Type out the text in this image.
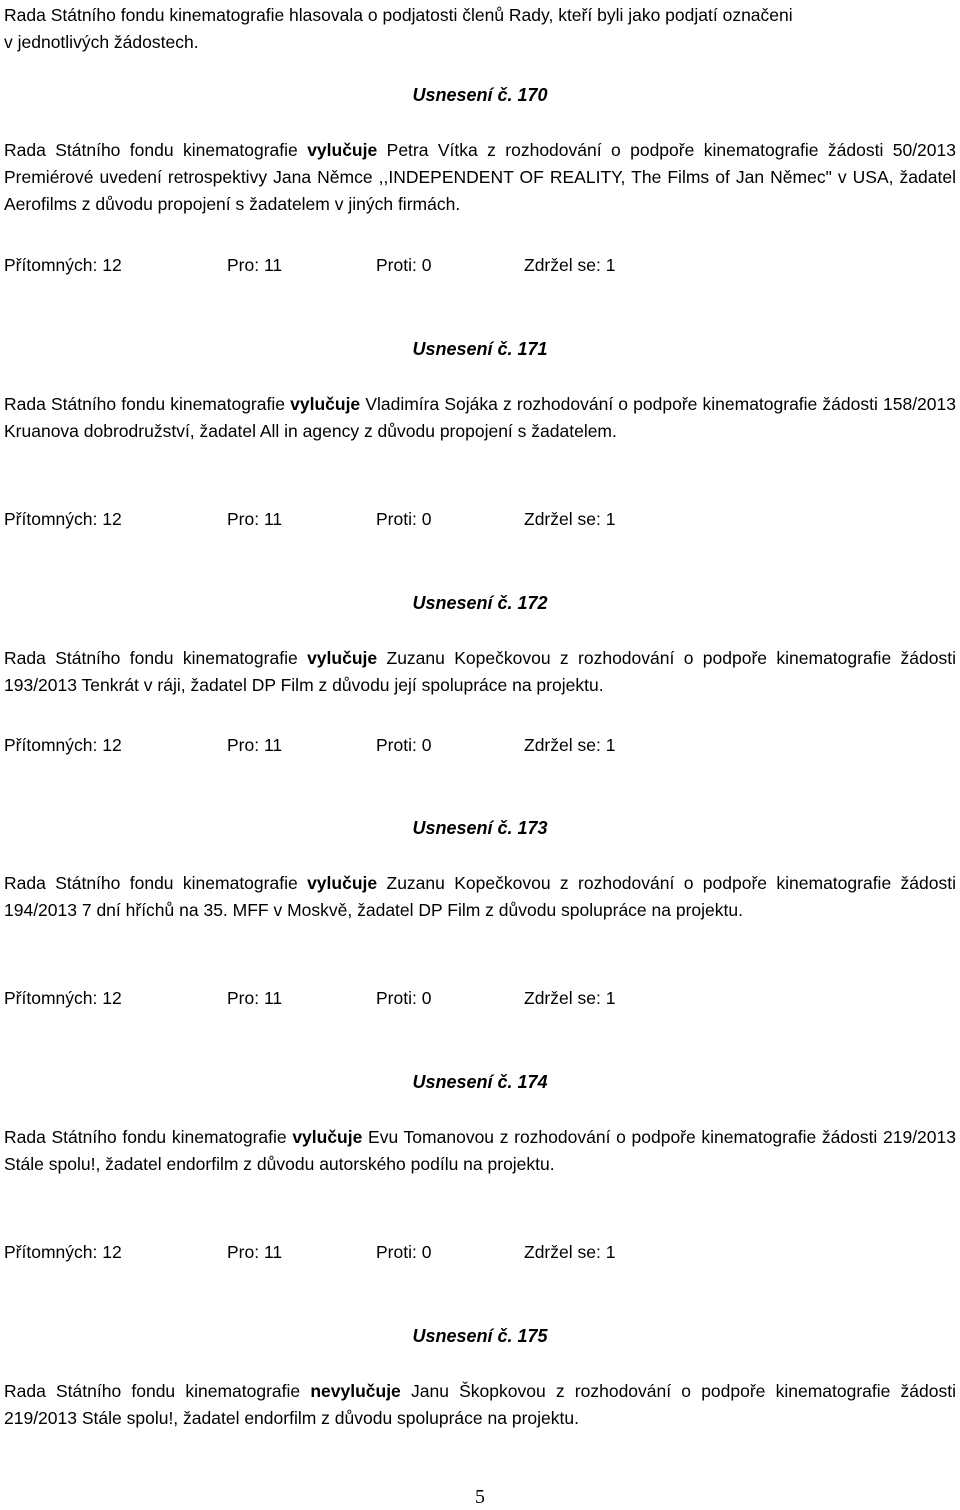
Rada Státního fondu kinematografie hlasovala o podjatosti členů Rady, kteří byli jako podjatí označeni

v jednotlivých žádostech.

Usnesení č. 170

Rada Státního fondu kinematografie vylučuje Petra Vítka z rozhodování o podpoře kinematografie žádosti 50/2013 Premiérové uvedení retrospektivy Jana Němce ,,INDEPENDENT OF REALITY, The Films of Jan Němec" v USA, žadatel Aerofilms z důvodu propojení s žadatelem v jiných firmách.

Přítomných: 12	Pro: 11	Proti: 0	Zdržel se: 1
Usnesení č. 171

Rada Státního fondu kinematografie vylučuje Vladimíra Sojáka z rozhodování o podpoře kinematografie žádosti 158/2013 Kruanova dobrodružství, žadatel All in agency z důvodu propojení s žadatelem.

Přítomných: 12	Pro: 11	Proti: 0	Zdržel se: 1
Usnesení č. 172

Rada Státního fondu kinematografie vylučuje Zuzanu Kopečkovou z rozhodování o podpoře kinematografie žádosti 193/2013 Tenkrát v ráji, žadatel DP Film z důvodu její spolupráce na projektu.

Přítomných: 12	Pro: 11	Proti: 0	Zdržel se: 1
Usnesení č. 173

Rada Státního fondu kinematografie vylučuje Zuzanu Kopečkovou z rozhodování o podpoře kinematografie žádosti 194/2013 7 dní hříchů na 35. MFF v Moskvě, žadatel DP Film z důvodu spolupráce na projektu.

Přítomných: 12	Pro: 11	Proti: 0	Zdržel se: 1
Usnesení č. 174

Rada Státního fondu kinematografie vylučuje Evu Tomanovou z rozhodování o podpoře kinematografie žádosti 219/2013 Stále spolu!, žadatel endorfilm z důvodu autorského podílu na projektu.

Přítomných: 12	Pro: 11	Proti: 0	Zdržel se: 1
Usnesení č. 175

Rada Státního fondu kinematografie nevylučuje Janu Škopkovou z rozhodování o podpoře kinematografie žádosti 219/2013 Stále spolu!, žadatel endorfilm z důvodu spolupráce na projektu.

5
